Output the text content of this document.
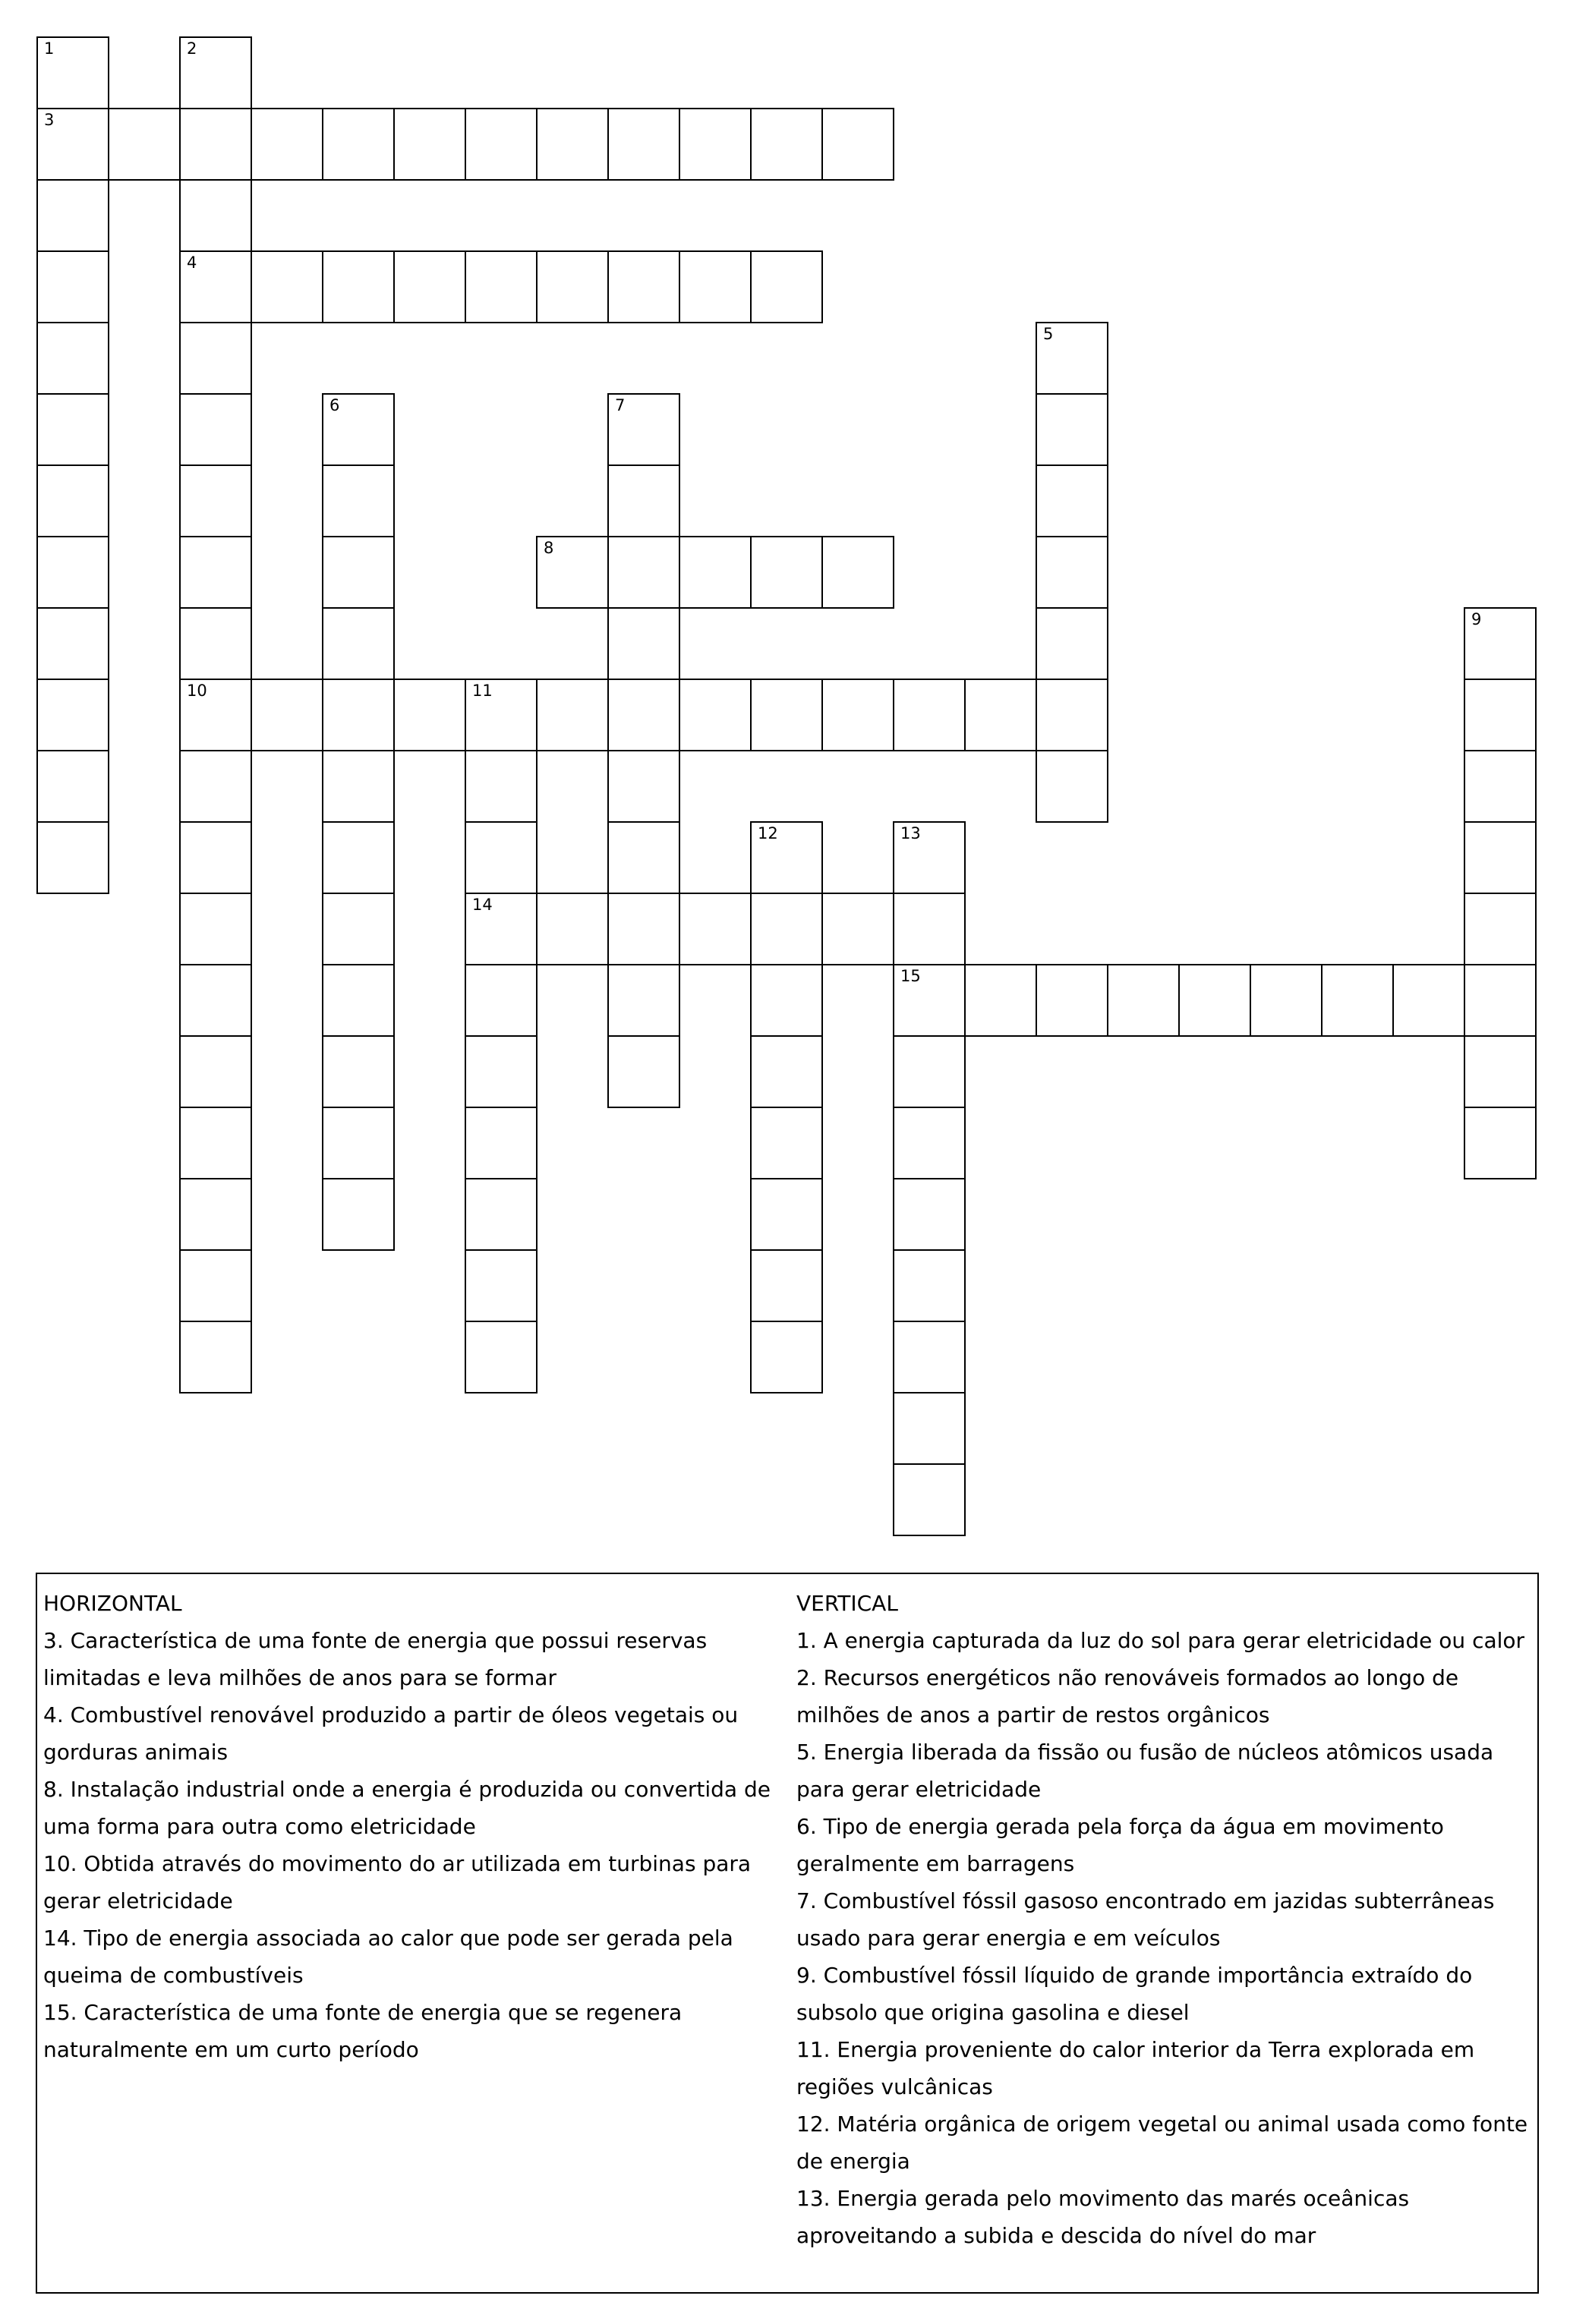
1
3
2
4
10
5
6	7
8
9
11
14
12	13
15
HORIZONTAL
3. Característica de uma fonte de energia que possui reservas limitadas e leva milhões de anos para se formar
4. Combustível renovável produzido a partir de óleos vegetais ou gorduras animais
8. Instalação industrial onde a energia é produzida ou convertida de uma forma para outra como eletricidade
10. Obtida através do movimento do ar utilizada em turbinas para gerar eletricidade
14. Tipo de energia associada ao calor que pode ser gerada pela queima de combustíveis
15. Característica de uma fonte de energia que se regenera naturalmente em um curto período
VERTICAL
1. A energia capturada da luz do sol para gerar eletricidade ou calor
2. Recursos energéticos não renováveis formados ao longo de milhões de anos a partir de restos orgânicos
5. Energia liberada da fissão ou fusão de núcleos atômicos usada para gerar eletricidade
6. Tipo de energia gerada pela força da água em movimento geralmente em barragens
7. Combustível fóssil gasoso encontrado em jazidas subterrâneas usado para gerar energia e em veículos
9. Combustível fóssil líquido de grande importância extraído do subsolo que origina gasolina e diesel
11. Energia proveniente do calor interior da Terra explorada em regiões vulcânicas
12. Matéria orgânica de origem vegetal ou animal usada como fonte de energia
13. Energia gerada pelo movimento das marés oceânicas aproveitando a subida e descida do nível do mar
